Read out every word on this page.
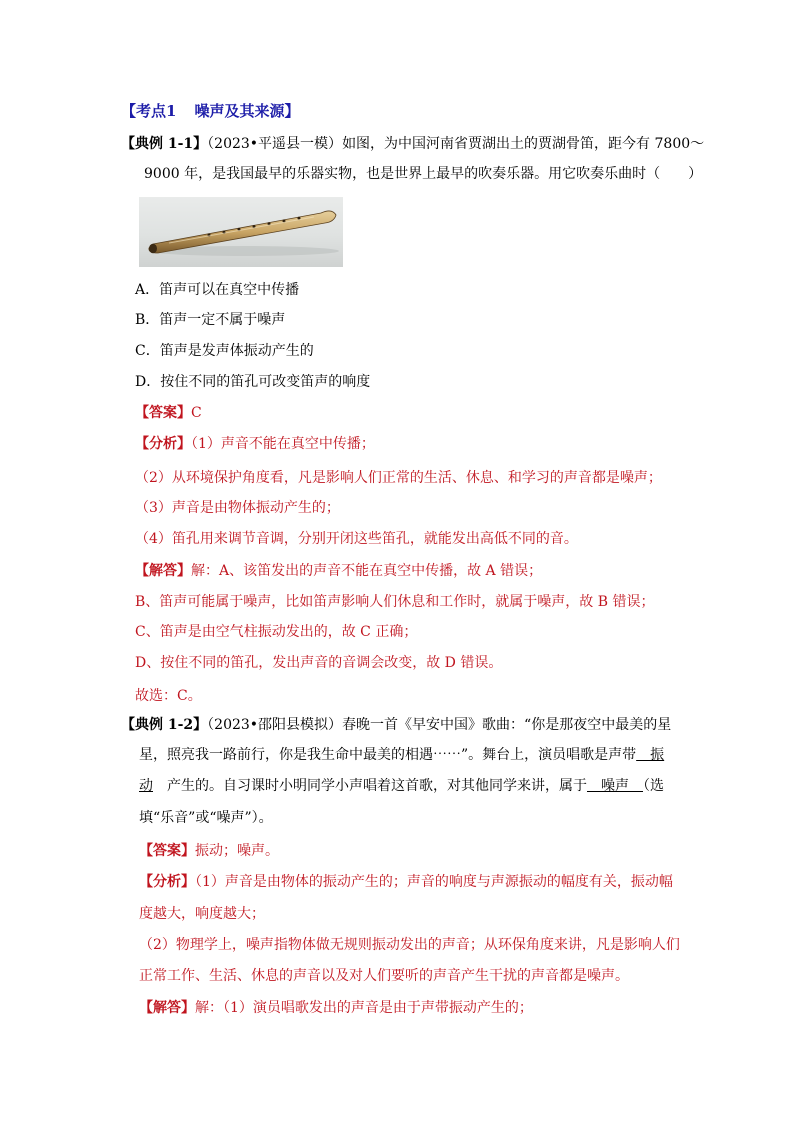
【考点1 噪声及其来源】
【典例 1-1】（2023•平遥县一模）如图，为中国河南省贾湖出土的贾湖骨笛，距今有 7800～
9000 年，是我国最早的乐器实物，也是世界上最早的吹奏乐器。用它吹奏乐曲时（　　）
A．笛声可以在真空中传播
B．笛声一定不属于噪声
C．笛声是发声体振动产生的
D．按住不同的笛孔可改变笛声的响度
【答案】C
【分析】（1）声音不能在真空中传播；
（2）从环境保护角度看，凡是影响人们正常的生活、休息、和学习的声音都是噪声；
（3）声音是由物体振动产生的；
（4）笛孔用来调节音调，分别开闭这些笛孔，就能发出高低不同的音。
【解答】解：A、该笛发出的声音不能在真空中传播，故 A 错误；
B、笛声可能属于噪声，比如笛声影响人们休息和工作时，就属于噪声，故 B 错误；
C、笛声是由空气柱振动发出的，故 C 正确；
D、按住不同的笛孔，发出声音的音调会改变，故 D 错误。
故选：C。
【典例 1-2】（2023•邵阳县模拟）春晚一首《早安中国》歌曲：“你是那夜空中最美的星
星，照亮我一路前行，你是我生命中最美的相遇⋯⋯”。舞台上，演员唱歌是声带　振
动　产生的。自习课时小明同学小声唱着这首歌，对其他同学来讲，属于　噪声　（选
填“乐音”或“噪声”）。
【答案】振动；噪声。
【分析】（1）声音是由物体的振动产生的；声音的响度与声源振动的幅度有关，振动幅
度越大，响度越大；
（2）物理学上，噪声指物体做无规则振动发出的声音；从环保角度来讲，凡是影响人们
正常工作、生活、休息的声音以及对人们要听的声音产生干扰的声音都是噪声。
【解答】解：（1）演员唱歌发出的声音是由于声带振动产生的；
